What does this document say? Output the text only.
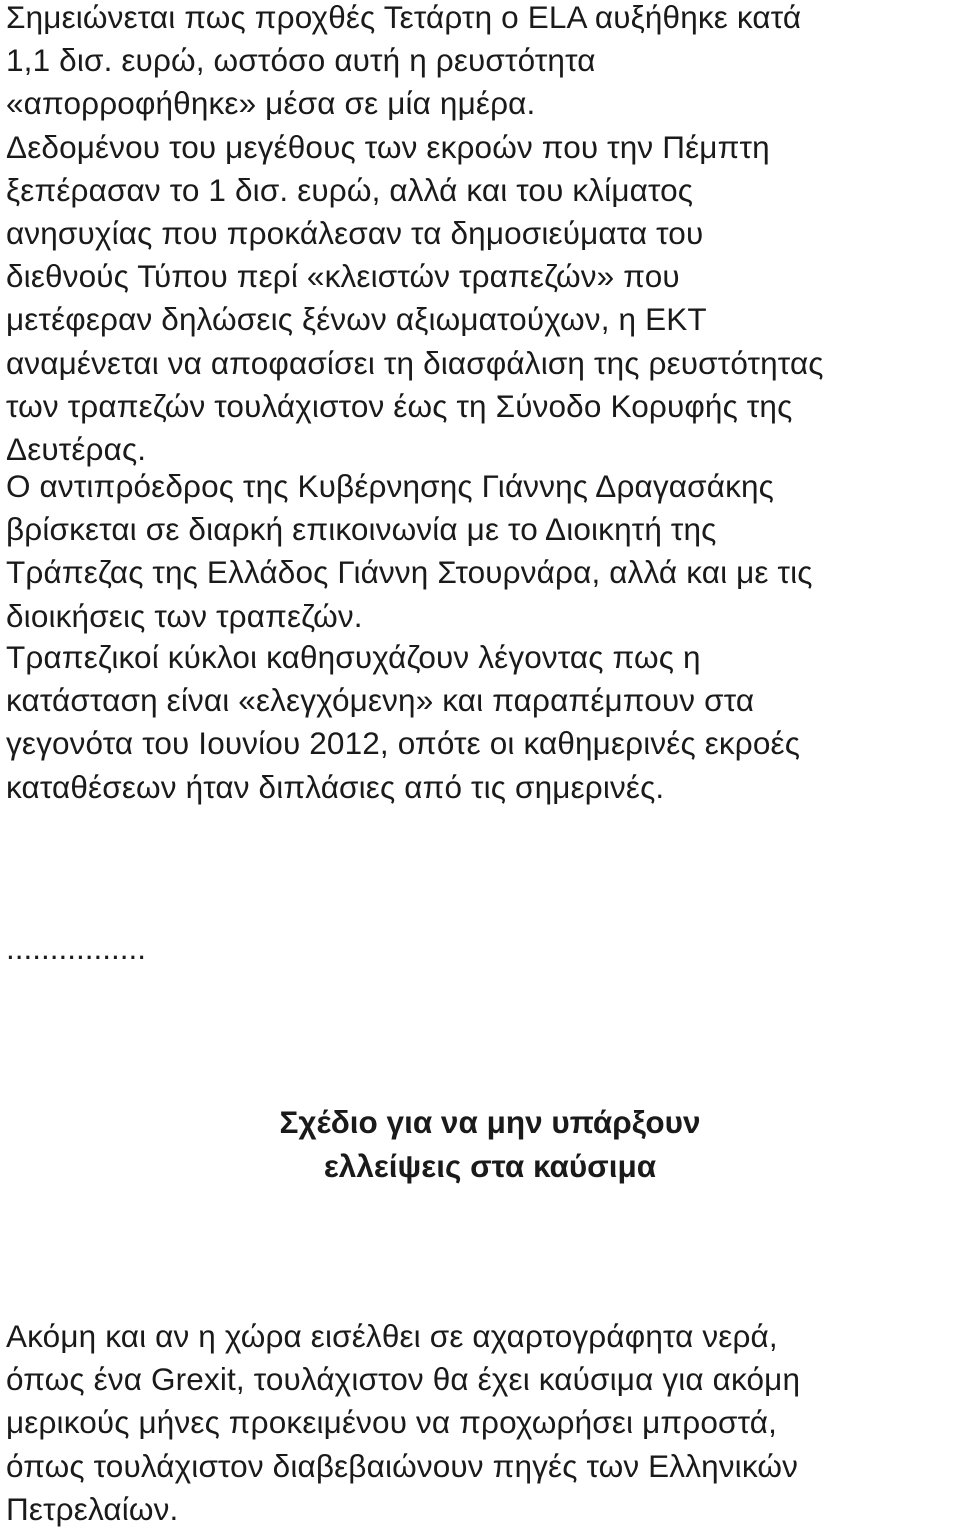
Σημειώνεται πως προχθές Τετάρτη ο ELA αυξήθηκε κατά
1,1 δισ. ευρώ, ωστόσο αυτή η ρευστότητα
«απορροφήθηκε» μέσα σε μία ημέρα.
Δεδομένου του μεγέθους των εκροών που την Πέμπτη
ξεπέρασαν το 1 δισ. ευρώ, αλλά και του κλίματος
ανησυχίας που προκάλεσαν τα δημοσιεύματα του
διεθνούς Τύπου περί «κλειστών τραπεζών» που
μετέφεραν δηλώσεις ξένων αξιωματούχων, η ΕΚΤ
αναμένεται να αποφασίσει τη διασφάλιση της ρευστότητας
των τραπεζών τουλάχιστον έως τη Σύνοδο Κορυφής της
Δευτέρας.

Ο αντιπρόεδρος της Κυβέρνησης Γιάννης Δραγασάκης
βρίσκεται σε διαρκή επικοινωνία με το Διοικητή της
Τράπεζας της Ελλάδος Γιάννη Στουρνάρα, αλλά και με τις
διοικήσεις των τραπεζών.

Τραπεζικοί κύκλοι καθησυχάζουν λέγοντας πως η
κατάσταση είναι «ελεγχόμενη» και παραπέμπουν στα
γεγονότα του Ιουνίου 2012, οπότε οι καθημερινές εκροές
καταθέσεων ήταν διπλάσιες από τις σημερινές.

................
Σχέδιο για να μην υπάρξουν
ελλείψεις στα καύσιμα

Ακόμη και αν η χώρα εισέλθει σε αχαρτογράφητα νερά,
όπως ένα Grexit, τουλάχιστον θα έχει καύσιμα για ακόμη
μερικούς μήνες προκειμένου να προχωρήσει μπροστά,
όπως τουλάχιστον διαβεβαιώνουν πηγές των Ελληνικών
Πετρελαίων.
